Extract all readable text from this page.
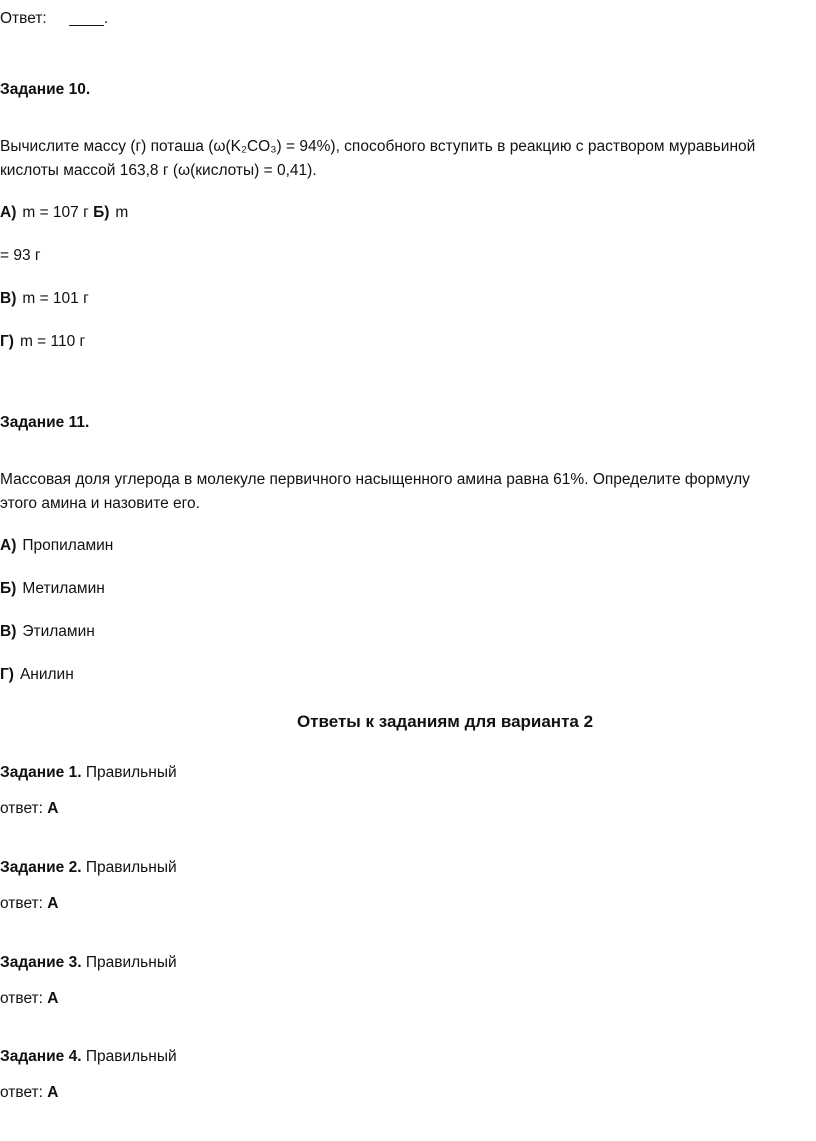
Ответ: ____.
Задание 10.
Вычислите массу (г) поташа (ω(K₂CO₃) = 94%), способного вступить в реакцию с раствором муравьиной
кислоты массой 163,8 г (ω(кислоты) = 0,41).
А) m = 107 г Б) m
= 93 г
В) m = 101 г
Г) m = 110 г
Задание 11.
Массовая доля углерода в молекуле первичного насыщенного амина равна 61%. Определите формулу
этого амина и назовите его.
А) Пропиламин
Б) Метиламин
В) Этиламин
Г) Анилин
Ответы к заданиям для варианта 2
Задание 1. Правильный
ответ: А
Задание 2. Правильный
ответ: А
Задание 3. Правильный
ответ: А
Задание 4. Правильный
ответ: А
